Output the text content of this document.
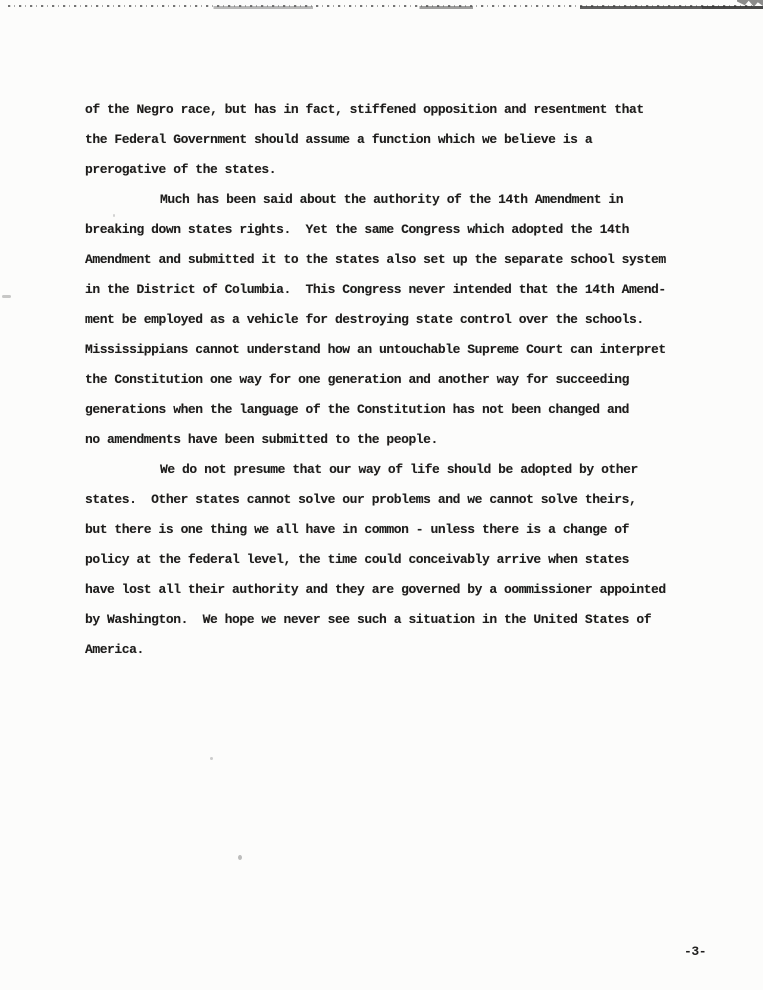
of the Negro race, but has in fact, stiffened opposition and resentment that
the Federal Government should assume a function which we believe is a
prerogative of the states.
Much has been said about the authority of the 14th Amendment in
breaking down states rights.  Yet the same Congress which adopted the 14th
Amendment and submitted it to the states also set up the separate school system
in the District of Columbia.  This Congress never intended that the 14th Amend-
ment be employed as a vehicle for destroying state control over the schools.
Mississippians cannot understand how an untouchable Supreme Court can interpret
the Constitution one way for one generation and another way for succeeding
generations when the language of the Constitution has not been changed and
no amendments have been submitted to the people.
We do not presume that our way of life should be adopted by other
states.  Other states cannot solve our problems and we cannot solve theirs,
but there is one thing we all have in common - unless there is a change of
policy at the federal level, the time could conceivably arrive when states
have lost all their authority and they are governed by a oommissioner appointed
by Washington.  We hope we never see such a situation in the United States of
America.
-3-
